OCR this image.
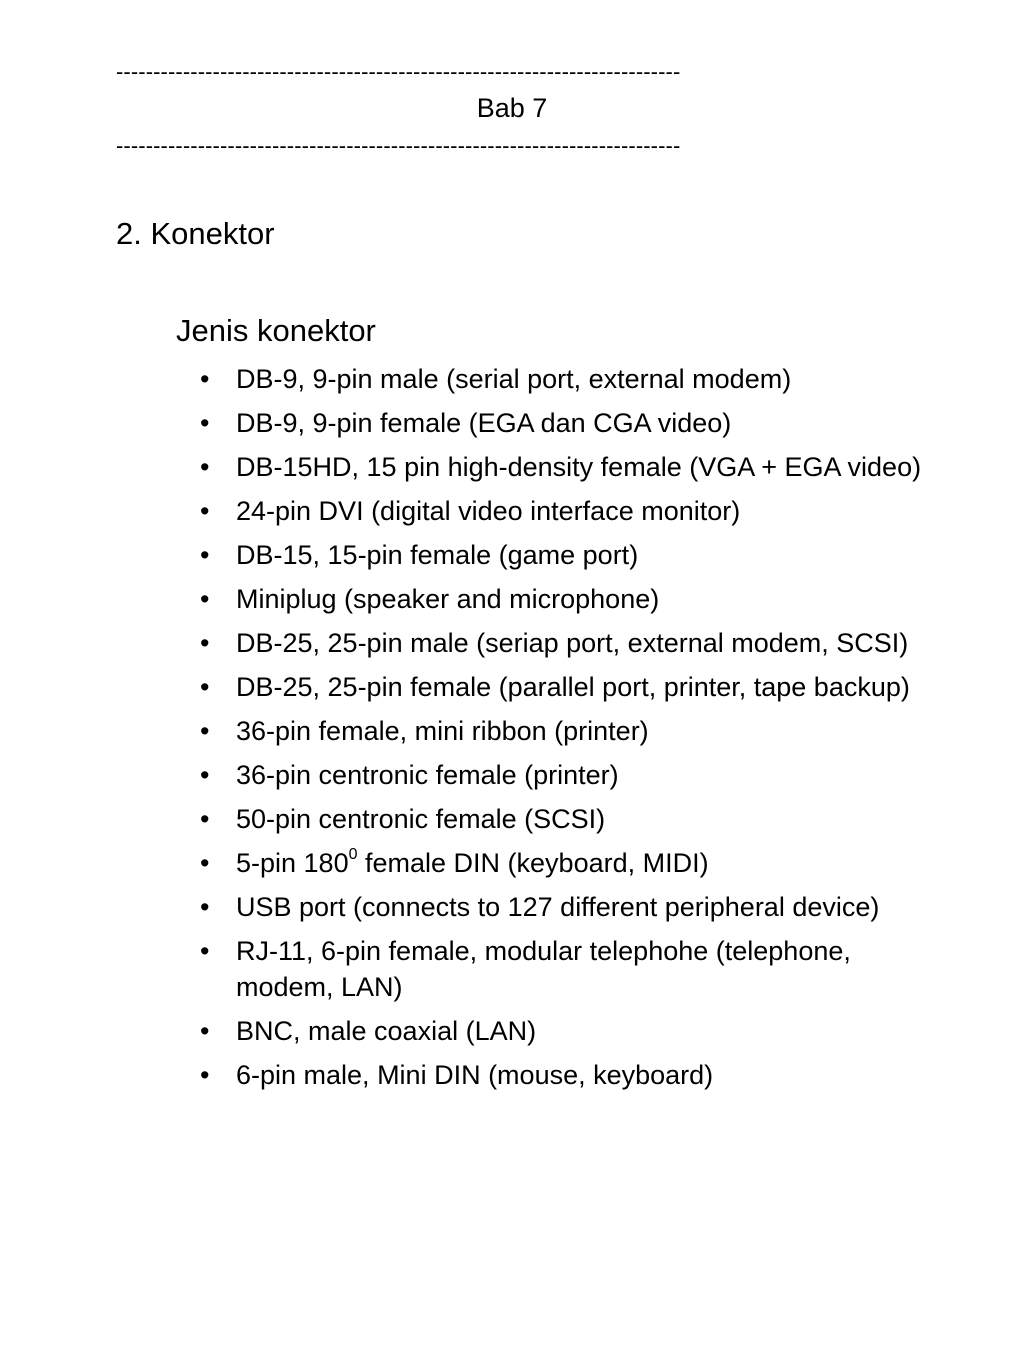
----------------------------------------------------------------------------
Bab 7
----------------------------------------------------------------------------
2. Konektor
Jenis konektor
• DB-9, 9-pin male (serial port, external modem)
• DB-9, 9-pin female (EGA dan CGA video)
• DB-15HD, 15 pin high-density female (VGA + EGA video)
• 24-pin DVI (digital video interface monitor)
• DB-15, 15-pin female (game port)
• Miniplug (speaker and microphone)
• DB-25, 25-pin male (seriap port, external modem, SCSI)
• DB-25, 25-pin female (parallel port, printer, tape backup)
• 36-pin female, mini ribbon (printer)
• 36-pin centronic female (printer)
• 50-pin centronic female (SCSI)
• 5-pin $180^0$ female DIN (keyboard, MIDI)
• USB port (connects to 127 different peripheral device)
• RJ-11, 6-pin female, modular telephohe (telephone, modem, LAN)
• BNC, male coaxial (LAN)
• 6-pin male, Mini DIN (mouse, keyboard)
